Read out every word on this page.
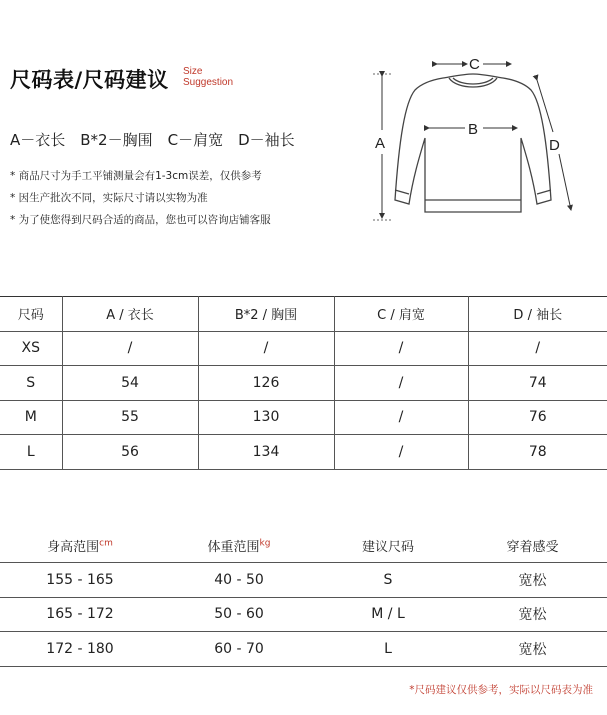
尺码表/尺码建议 Size
Suggestion
A－衣长　B*2－胸围　C－肩宽　D－袖长
* 商品尺寸为手工平铺测量会有1-3cm误差，仅供参考
* 因生产批次不同，实际尺寸请以实物为准
* 为了使您得到尺码合适的商品，您也可以咨询店铺客服
C
B
A	D
尺码	A / 衣长	B*2 / 胸围	C / 肩宽	D / 袖长
XS	/	/	/	/
S	54	126	/	74
M	55	130	/	76
L	56	134	/	78
身高范围$^{cm}$	体重范围$^{kg}$	建议尺码	穿着感受
155 - 165	40 - 50	S	宽松
165 - 172	50 - 60	M / L	宽松
172 - 180	60 - 70	L	宽松
*尺码建议仅供参考，实际以尺码表为准
